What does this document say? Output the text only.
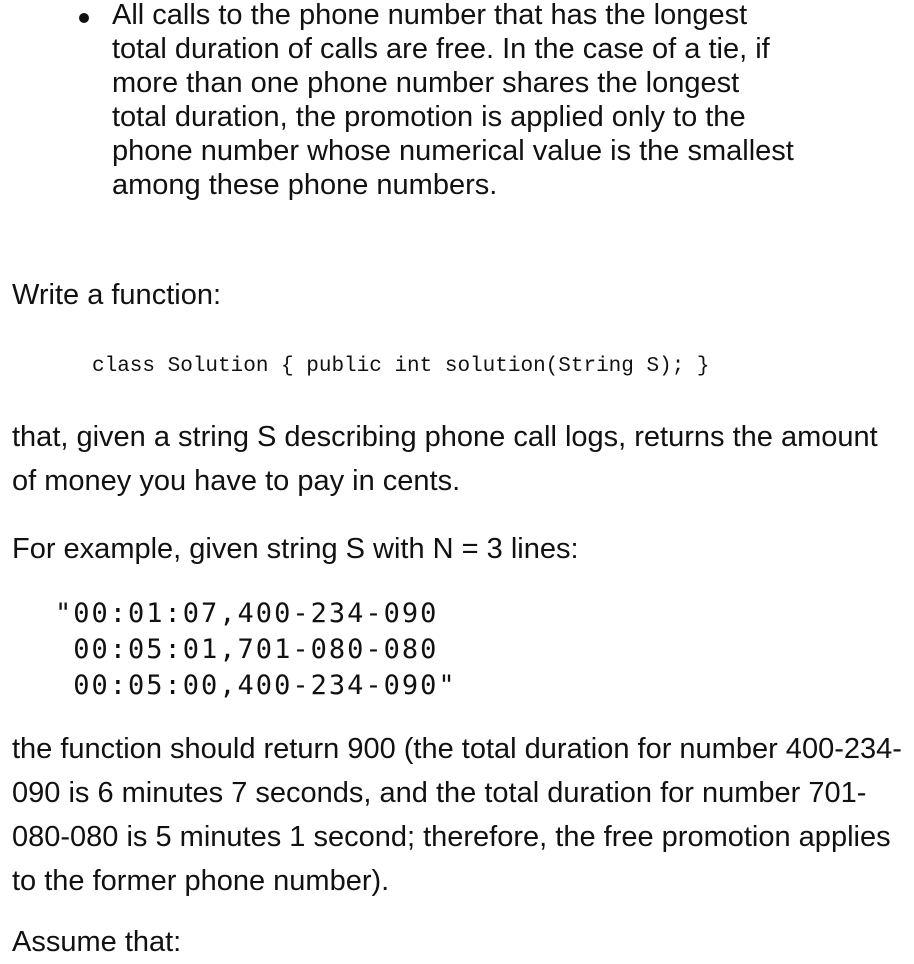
All calls to the phone number that has the longest total duration of calls are free. In the case of a tie, if more than one phone number shares the longest total duration, the promotion is applied only to the phone number whose numerical value is the smallest among these phone numbers.

Write a function:

class Solution { public int solution(String S); }

that, given a string S describing phone call logs, returns the amount of money you have to pay in cents.

For example, given string S with N = 3 lines:

"00:01:07,400-234-090
00:05:01,701-080-080
00:05:00,400-234-090"

the function should return 900 (the total duration for number 400-234-090 is 6 minutes 7 seconds, and the total duration for number 701-080-080 is 5 minutes 1 second; therefore, the free promotion applies to the former phone number).

Assume that:
